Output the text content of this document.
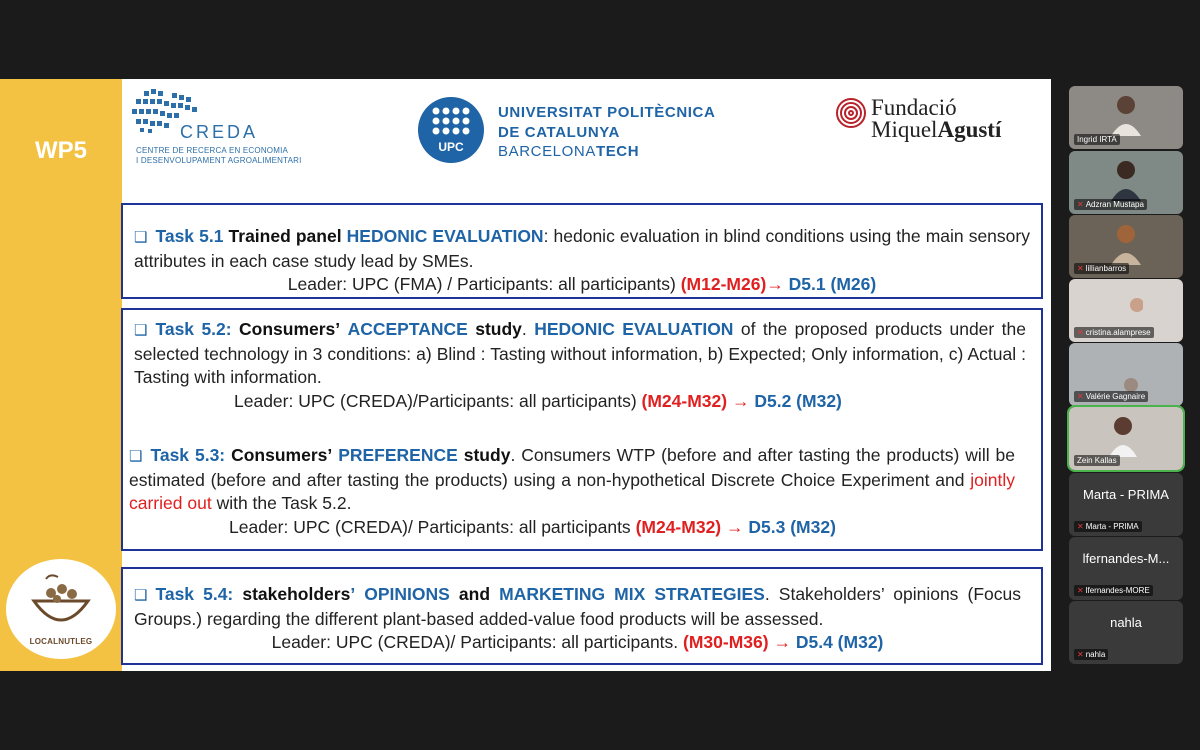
WP5
LOCALNUTLEG
CREDA
CENTRE DE RECERCA EN ECONOMIA
I DESENVOLUPAMENT AGROALIMENTARI
UPC
UNIVERSITAT POLITÈCNICA
DE CATALUNYA
BARCELONATECH
Fundació
MiquelAgustí
❑ Task 5.1 Trained panel HEDONIC EVALUATION: hedonic evaluation in blind conditions using the main sensory attributes in each case study lead by SMEs.
Leader: UPC (FMA) / Participants: all participants) (M12-M26)→ D5.1 (M26)
❑ Task 5.2: Consumers’ ACCEPTANCE study. HEDONIC EVALUATION of the proposed products under the selected technology in 3 conditions: a) Blind : Tasting without information, b) Expected; Only information, c) Actual : Tasting with information.
Leader: UPC (CREDA)/Participants: all participants) (M24-M32) → D5.2 (M32)
❑ Task 5.3: Consumers’ PREFERENCE study. Consumers WTP (before and after tasting the products) will be estimated (before and after tasting the products) using a non-hypothetical Discrete Choice Experiment and jointly carried out with the Task 5.2.
Leader: UPC (CREDA)/ Participants: all participants (M24-M32) → D5.3 (M32)
❑ Task 5.4: stakeholders’ OPINIONS and MARKETING MIX STRATEGIES. Stakeholders’ opinions (Focus Groups.) regarding the different plant-based added-value food products will be assessed.
Leader: UPC (CREDA)/ Participants: all participants. (M30-M36) → D5.4 (M32)
Ingrid IRTA
✕ Adzran Mustapa
✕ lillianbarros
✕ cristina.alamprese
✕ Valérie Gagnaire
Zein Kallas
Marta - PRIMA
✕ Marta - PRIMA
lfernandes-M...
✕ lfernandes-MORE
nahla
✕ nahla
